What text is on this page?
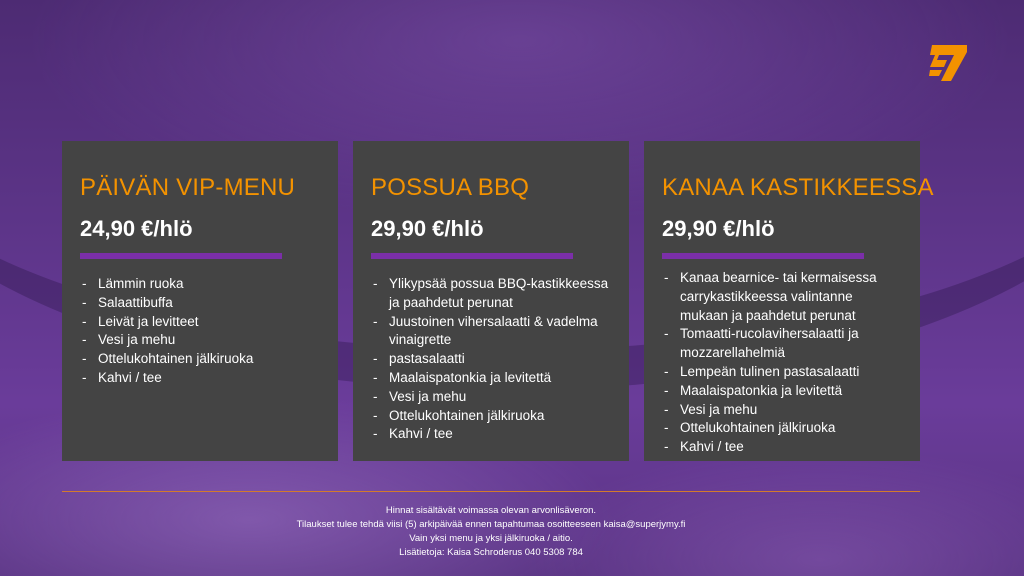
PÄIVÄN VIP-MENU
24,90 €/hlö
- Lämmin ruoka
- Salaattibuffa
- Leivät ja levitteet
- Vesi ja mehu
- Ottelukohtainen jälkiruoka
- Kahvi / tee
POSSUA BBQ
29,90 €/hlö
- Ylikypsää possua BBQ-kastikkeessa ja paahdetut perunat
- Juustoinen vihersalaatti & vadelma vinaigrette
- pastasalaatti
- Maalaispatonkia ja levitettä
- Vesi ja mehu
- Ottelukohtainen jälkiruoka
- Kahvi / tee
KANAA KASTIKKEESSA
29,90 €/hlö
- Kanaa bearnice- tai kermaisessa carrykastikkeessa valintanne mukaan ja paahdetut perunat
- Tomaatti-rucolavihersalaatti ja mozzarellahelmiä
- Lempeän tulinen pastasalaatti
- Maalaispatonkia ja levitettä
- Vesi ja mehu
- Ottelukohtainen jälkiruoka
- Kahvi / tee
Hinnat sisältävät voimassa olevan arvonlisäveron.
Tilaukset tulee tehdä viisi (5) arkipäivää ennen tapahtumaa osoitteeseen kaisa@superjymy.fi
Vain yksi menu ja yksi jälkiruoka / aitio.
Lisätietoja: Kaisa Schroderus 040 5308 784
